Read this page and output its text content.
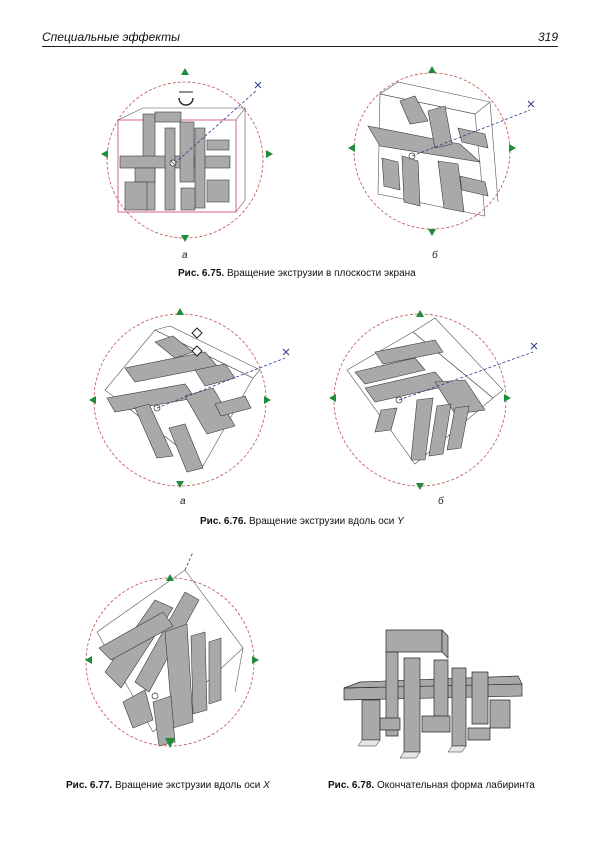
Специальные эффекты	319
а	б
Рис. 6.75. Вращение экструзии в плоскости экрана
а	б
Рис. 6.76. Вращение экструзии вдоль оси Y
Рис. 6.77. Вращение экструзии вдоль оси X	Рис. 6.78. Окончательная форма лабиринта
